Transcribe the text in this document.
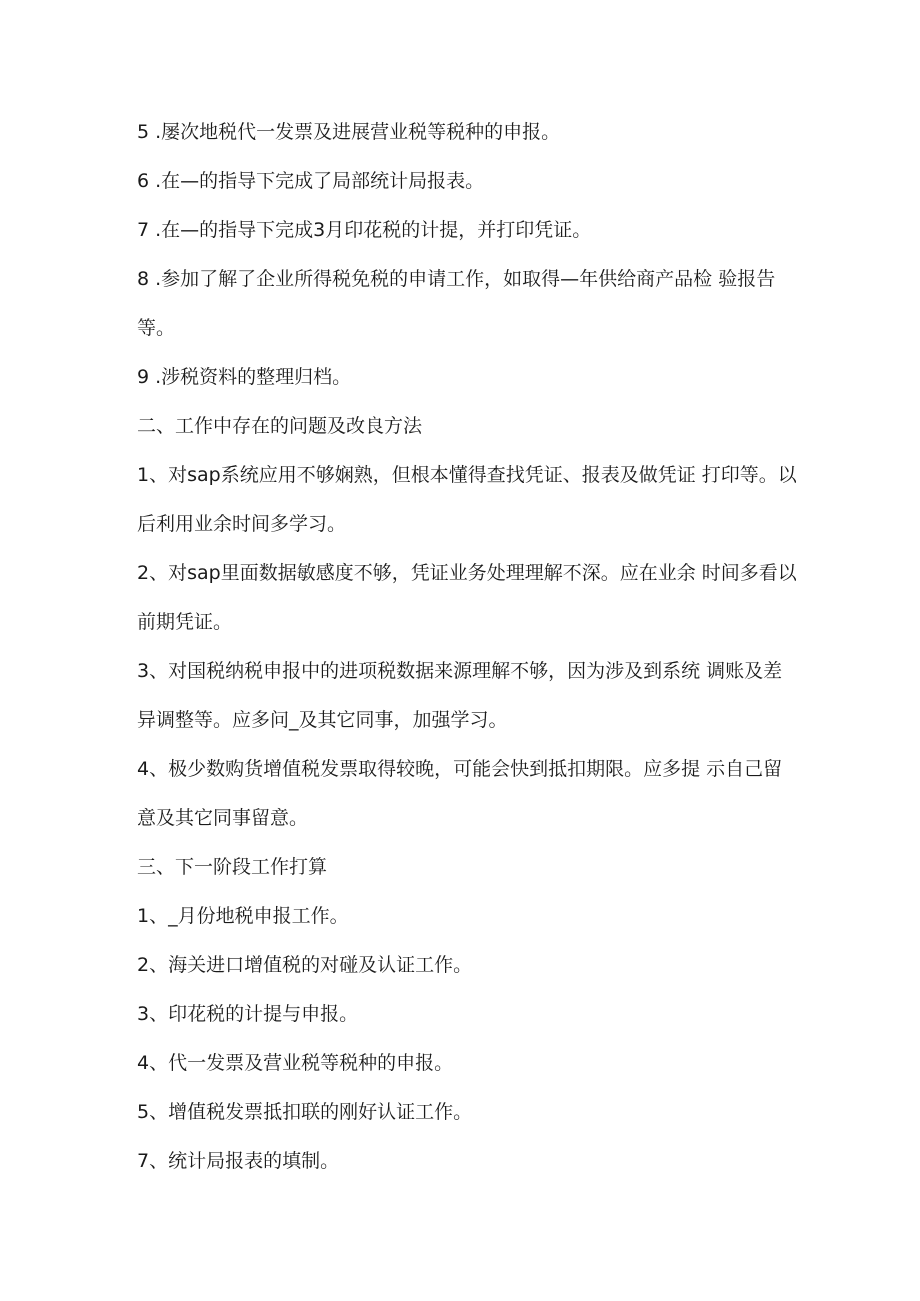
5 .屡次地税代一发票及进展营业税等税种的申报。

6 .在—的指导下完成了局部统计局报表。

7 .在—的指导下完成3月印花税的计提，并打印凭证。

8 .参加了解了企业所得税免税的申请工作，如取得—年供给商产品检 验报告等。

9 .涉税资料的整理归档。

二、工作中存在的问题及改良方法

1、对sap系统应用不够娴熟，但根本懂得查找凭证、报表及做凭证 打印等。以后利用业余时间多学习。

2、对sap里面数据敏感度不够，凭证业务处理理解不深。应在业余 时间多看以前期凭证。

3、对国税纳税申报中的进项税数据来源理解不够，因为涉及到系统 调账及差异调整等。应多问_及其它同事，加强学习。

4、极少数购货增值税发票取得较晚，可能会快到抵扣期限。应多提 示自己留意及其它同事留意。

三、下一阶段工作打算

1、_月份地税申报工作。

2、海关进口增值税的对碰及认证工作。

3、印花税的计提与申报。

4、代一发票及营业税等税种的申报。

5、增值税发票抵扣联的刚好认证工作。

7、统计局报表的填制。
